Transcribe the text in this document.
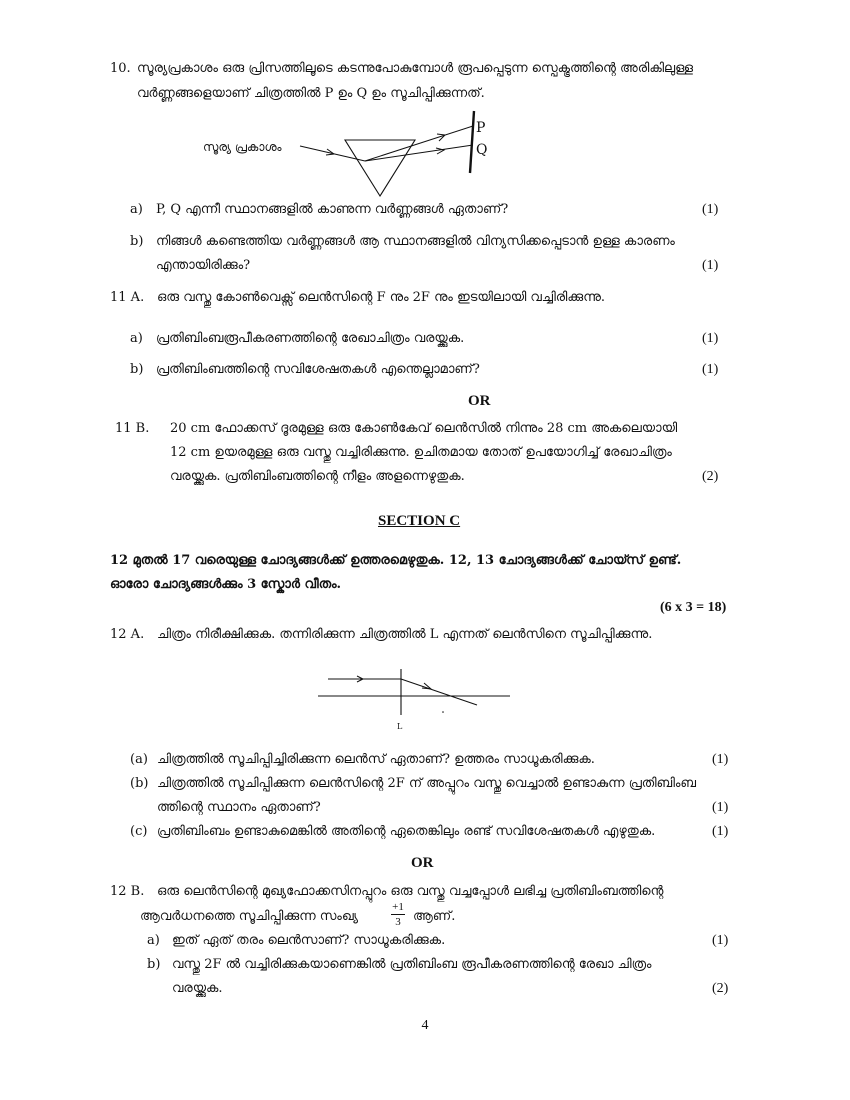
10. സൂര്യപ്രകാശം ഒരു പ്രിസത്തിലൂടെ കടന്നുപോകുമ്പോൾ രൂപപ്പെടുന്ന സ്പെക്ട്രത്തിന്റെ അരികിലുള്ള
വർണ്ണങ്ങളെയാണ് ചിത്രത്തിൽ P ഉം Q ഉം സൂചിപ്പിക്കുന്നത്.
സൂര്യ പ്രകാശം
P
Q
a) P, Q എന്നീ സ്ഥാനങ്ങളിൽ കാണുന്ന വർണ്ണങ്ങൾ ഏതാണ്?	(1)
b) നിങ്ങൾ കണ്ടെത്തിയ വർണ്ണങ്ങൾ ആ സ്ഥാനങ്ങളിൽ വിന്യസിക്കപ്പെടാൻ ഉള്ള കാരണം
എന്തായിരിക്കും?	(1)
11 A. ഒരു വസ്തു കോൺവെക്സ് ലെൻസിന്റെ F നും 2F നും ഇടയിലായി വച്ചിരിക്കുന്നു.
a) പ്രതിബിംബരൂപീകരണത്തിന്റെ രേഖാചിത്രം വരയ്ക്കുക.	(1)
b) പ്രതിബിംബത്തിന്റെ സവിശേഷതകൾ എന്തെല്ലാമാണ്?	(1)
OR
11 B. 20 cm ഫോക്കസ് ദൂരമുള്ള ഒരു കോൺകേവ് ലെൻസിൽ നിന്നും 28 cm അകലെയായി
12 cm ഉയരമുള്ള ഒരു വസ്തു വച്ചിരിക്കുന്നു. ഉചിതമായ തോത് ഉപയോഗിച്ച് രേഖാചിത്രം
വരയ്ക്കുക. പ്രതിബിംബത്തിന്റെ നീളം അളന്നെഴുതുക.	(2)
SECTION C
12 മുതൽ 17 വരെയുള്ള ചോദ്യങ്ങൾക്ക് ഉത്തരമെഴുതുക. 12, 13 ചോദ്യങ്ങൾക്ക് ചോയ്സ് ഉണ്ട്.
ഓരോ ചോദ്യങ്ങൾക്കും 3 സ്കോർ വീതം.
(6 x 3 = 18)
12 A. ചിത്രം നിരീക്ഷിക്കുക. തന്നിരിക്കുന്ന ചിത്രത്തിൽ L എന്നത് ലെൻസിനെ സൂചിപ്പിക്കുന്നു.
L
(a) ചിത്രത്തിൽ സൂചിപ്പിച്ചിരിക്കുന്ന ലെൻസ് ഏതാണ്? ഉത്തരം സാധൂകരിക്കുക.	(1)
(b) ചിത്രത്തിൽ സൂചിപ്പിക്കുന്ന ലെൻസിന്റെ 2F ന് അപ്പുറം വസ്തു വെച്ചാൽ ഉണ്ടാകുന്ന പ്രതിബിംബ
ത്തിന്റെ സ്ഥാനം ഏതാണ്?	(1)
(c) പ്രതിബിംബം ഉണ്ടാകുമെങ്കിൽ അതിന്റെ ഏതെങ്കിലും രണ്ട് സവിശേഷതകൾ എഴുതുക.	(1)
OR
12 B. ഒരു ലെൻസിന്റെ മുഖ്യഫോക്കസിനപ്പുറം ഒരു വസ്തു വച്ചപ്പോൾ ലഭിച്ച പ്രതിബിംബത്തിന്റെ
ആവർധനത്തെ സൂചിപ്പിക്കുന്ന സംഖ്യ
+1
3 ആണ്.
a) ഇത് ഏത് തരം ലെൻസാണ്? സാധൂകരിക്കുക.	(1)
b) വസ്തു 2F ൽ വച്ചിരിക്കുകയാണെങ്കിൽ പ്രതിബിംബ രൂപീകരണത്തിന്റെ രേഖാ ചിത്രം
വരയ്ക്കുക.	(2)
4
